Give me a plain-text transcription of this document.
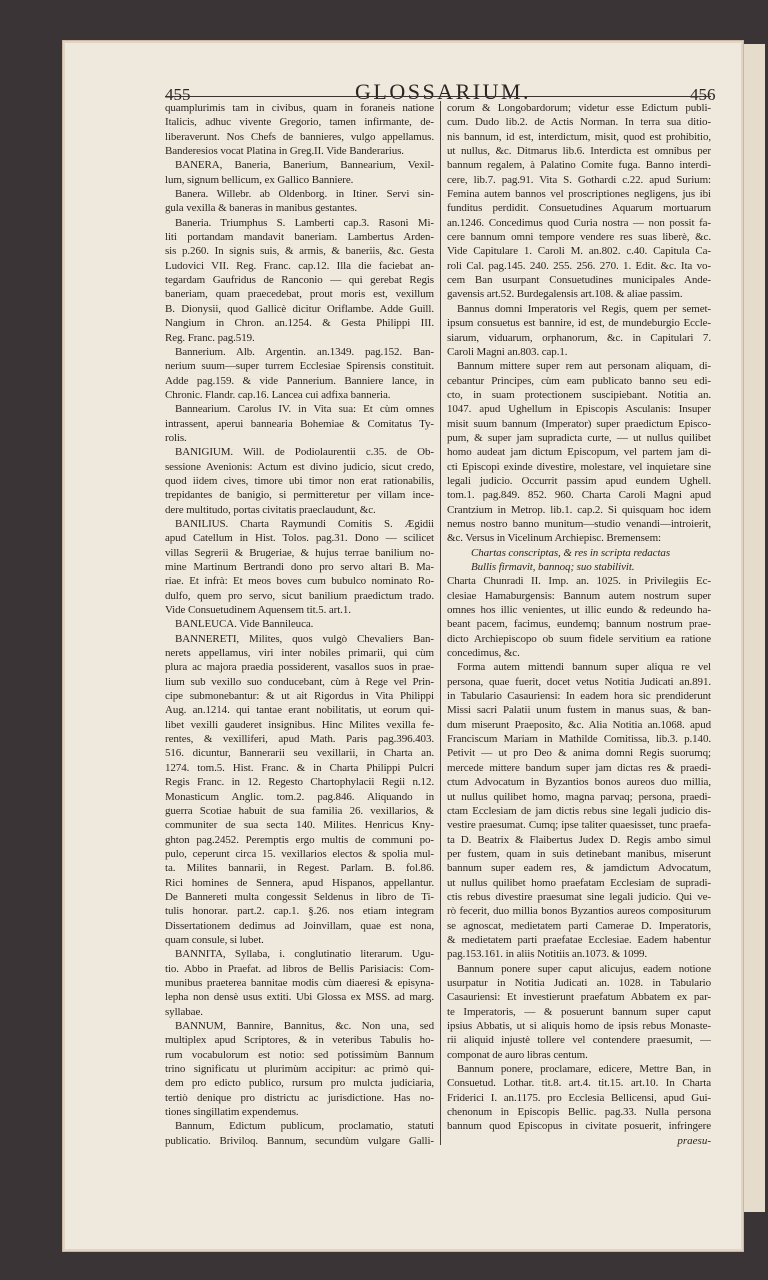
455	GLOSSARIUM.	456
quamplurimis tam in civibus, quam in foraneis natione
Italicis, adhuc vivente Gregorio, tamen infirmante, de-
liberaverunt. Nos Chefs de bannieres, vulgo appellamus.
Banderesios vocat Platina in Greg.II. Vide Banderarius.
BANERA, Baneria, Banerium, Bannearium, Vexil-
lum, signum bellicum, ex Gallico Banniere.
Banera. Willebr. ab Oldenborg. in Itiner. Servi sin-
gula vexilla & baneras in manibus gestantes.
Baneria. Triumphus S. Lamberti cap.3. Rasoni Mi-
liti portandam mandavit baneriam. Lambertus Arden-
sis p.260. In signis suis, & armis, & baneriis, &c. Gesta
Ludovici VII. Reg. Franc. cap.12. Illa die faciebat an-
tegardam Gaufridus de Ranconio — qui gerebat Regis
baneriam, quam praecedebat, prout moris est, vexillum
B. Dionysii, quod Gallicè dicitur Oriflambe. Adde Guill.
Nangium in Chron. an.1254. & Gesta Philippi III.
Reg. Franc. pag.519.
Bannerium. Alb. Argentin. an.1349. pag.152. Ban-
nerium suum—super turrem Ecclesiae Spirensis constituit.
Adde pag.159. & vide Pannerium. Banniere lance, in
Chronic. Flandr. cap.16. Lancea cui adfixa banneria.
Bannearium. Carolus IV. in Vita sua: Et cùm omnes
intrassent, aperui bannearia Bohemiae & Comitatus Ty-
rolis.
BANIGIUM. Will. de Podiolaurentii c.35. de Ob-
sessione Avenionis: Actum est divino judicio, sicut credo,
quod iidem cives, timore ubi timor non erat rationabilis,
trepidantes de banigio, si permitteretur per villam ince-
dere multitudo, portas civitatis praeclaudunt, &c.
BANILIUS. Charta Raymundi Comitis S. Ægidii
apud Catellum in Hist. Tolos. pag.31. Dono — scilicet
villas Segrerii & Brugeriae, & hujus terrae banilium no-
mine Martinum Bertrandi dono pro servo altari B. Ma-
riae. Et infrà: Et meos boves cum bubulco nominato Ro-
dulfo, quem pro servo, sicut banilium praedictum trado.
Vide Consuetudinem Aquensem tit.5. art.1.
BANLEUCA. Vide Bannileuca.
BANNERETI, Milites, quos vulgò Chevaliers Ban-
nerets appellamus, viri inter nobiles primarii, qui cùm
plura ac majora praedia possiderent, vasallos suos in prae-
lium sub vexillo suo conducebant, cùm à Rege vel Prin-
cipe submonebantur: & ut ait Rigordus in Vita Philippi
Aug. an.1214. qui tantae erant nobilitatis, ut eorum qui-
libet vexilli gauderet insignibus. Hinc Milites vexilla fe-
rentes, & vexilliferi, apud Math. Paris pag.396.403.
516. dicuntur, Bannerarii seu vexillarii, in Charta an.
1274. tom.5. Hist. Franc. & in Charta Philippi Pulcri
Regis Franc. in 12. Regesto Chartophylacii Regii n.12.
Monasticum Anglic. tom.2. pag.846. Aliquando in
guerra Scotiae habuit de sua familia 26. vexillarios, &
communiter de sua secta 140. Milites. Henricus Kny-
ghton pag.2452. Peremptis ergo multis de communi po-
pulo, ceperunt circa 15. vexillarios electos & spolia mul-
ta. Milites bannarii, in Regest. Parlam. B. fol.86.
Rici homines de Sennera, apud Hispanos, appellantur.
De Bannereti multa congessit Seldenus in libro de Ti-
tulis honorar. part.2. cap.1. §.26. nos etiam integram
Dissertationem dedimus ad Joinvillam, quae est nona,
quam consule, si lubet.
BANNITA, Syllaba, i. conglutinatio literarum. Ugu-
tio. Abbo in Praefat. ad libros de Bellis Parisiacis: Com-
munibus praeterea bannitae modis cùm diaeresi & episyna-
lepha non densè usus extiti. Ubi Glossa ex MSS. ad marg.
syllabae.
BANNUM, Bannire, Bannitus, &c. Non una, sed
multiplex apud Scriptores, & in veteribus Tabulis ho-
rum vocabulorum est notio: sed potissimùm Bannum
trino significatu ut plurimùm accipitur: ac primò qui-
dem pro edicto publico, rursum pro mulcta judiciaria,
tertiò denique pro districtu ac jurisdictione. Has no-
tiones singillatim expendemus.
Bannum, Edictum publicum, proclamatio, statuti
publicatio. Briviloq. Bannum, secundùm vulgare Galli-
corum & Longobardorum; videtur esse Edictum publi-
cum. Dudo lib.2. de Actis Norman. In terra sua ditio-
nis bannum, id est, interdictum, misit, quod est prohibitio,
ut nullus, &c. Ditmarus lib.6. Interdicta est omnibus per
bannum regalem, à Palatino Comite fuga. Banno interdi-
cere, lib.7. pag.91. Vita S. Gothardi c.22. apud Surium:
Femina autem bannos vel proscriptiones negligens, jus ibi
funditus perdidit. Consuetudines Aquarum mortuarum
an.1246. Concedimus quod Curia nostra — non possit fa-
cere bannum omni tempore vendere res suas liberè, &c.
Vide Capitulare 1. Caroli M. an.802. c.40. Capitula Ca-
roli Cal. pag.145. 240. 255. 256. 270. 1. Edit. &c. Ita vo-
cem Ban usurpant Consuetudines municipales Ande-
gavensis art.52. Burdegalensis art.108. & aliae passim.
Bannus domni Imperatoris vel Regis, quem per semet-
ipsum consuetus est bannire, id est, de mundeburgio Eccle-
siarum, viduarum, orphanorum, &c. in Capitulari 7.
Caroli Magni an.803. cap.1.
Bannum mittere super rem aut personam aliquam, di-
cebantur Principes, cùm eam publicato banno seu edi-
cto, in suam protectionem suscipiebant. Notitia an.
1047. apud Ughellum in Episcopis Asculanis: Insuper
misit suum bannum (Imperator) super praedictum Episco-
pum, & super jam supradicta curte, — ut nullus quilibet
homo audeat jam dictum Episcopum, vel partem jam di-
cti Episcopi exinde divestire, molestare, vel inquietare sine
legali judicio. Occurrit passim apud eundem Ughell.
tom.1. pag.849. 852. 960. Charta Caroli Magni apud
Crantzium in Metrop. lib.1. cap.2. Si quisquam hoc idem
nemus nostro banno munitum—studio venandi—introierit,
&c. Versus in Vicelinum Archiepisc. Bremensem:
Chartas conscriptas, & res in scripta redactas
Bullis firmavit, bannoq; suo stabilivit.
Charta Chunradi II. Imp. an. 1025. in Privilegiis Ec-
clesiae Hamaburgensis: Bannum autem nostrum super
omnes hos illic venientes, ut illic eundo & redeundo ha-
beant pacem, facimus, eundemq; bannum nostrum prae-
dicto Archiepiscopo ob suum fidele servitium ea ratione
concedimus, &c.
Forma autem mittendi bannum super aliqua re vel
persona, quae fuerit, docet vetus Notitia Judicati an.891.
in Tabulario Casauriensi: In eadem hora sic prendiderunt
Missi sacri Palatii unum fustem in manus suas, & ban-
dum miserunt Praeposito, &c. Alia Notitia an.1068. apud
Franciscum Mariam in Mathilde Comitissa, lib.3. p.140.
Petivit — ut pro Deo & anima domni Regis suorumq;
mercede mittere bandum super jam dictas res & praedi-
ctum Advocatum in Byzantios bonos aureos duo millia,
ut nullus quilibet homo, magna parvaq; persona, praedi-
ctam Ecclesiam de jam dictis rebus sine legali judicio dis-
vestire praesumat. Cumq; ipse taliter quaesisset, tunc praefa-
ta D. Beatrix & Flaibertus Judex D. Regis ambo simul
per fustem, quam in suis detinebant manibus, miserunt
bannum super eadem res, & jamdictum Advocatum,
ut nullus quilibet homo praefatam Ecclesiam de supradi-
ctis rebus divestire praesumat sine legali judicio. Qui ve-
rò fecerit, duo millia bonos Byzantios aureos compositurum
se agnoscat, medietatem parti Camerae D. Imperatoris,
& medietatem parti praefatae Ecclesiae. Eadem habentur
pag.153.161. in aliis Notitiis an.1073. & 1099.
Bannum ponere super caput alicujus, eadem notione
usurpatur in Notitia Judicati an. 1028. in Tabulario
Casauriensi: Et investierunt praefatum Abbatem ex par-
te Imperatoris, — & posuerunt bannum super caput
ipsius Abbatis, ut si aliquis homo de ipsis rebus Monaste-
rii aliquid injustè tollere vel contendere praesumit, —
componat de auro libras centum.
Bannum ponere, proclamare, edicere, Mettre Ban, in
Consuetud. Lothar. tit.8. art.4. tit.15. art.10. In Charta
Friderici I. an.1175. pro Ecclesia Bellicensi, apud Gui-
chenonum in Episcopis Bellic. pag.33. Nulla persona
bannum quod Episcopus in civitate posuerit, infringere
praesu-
